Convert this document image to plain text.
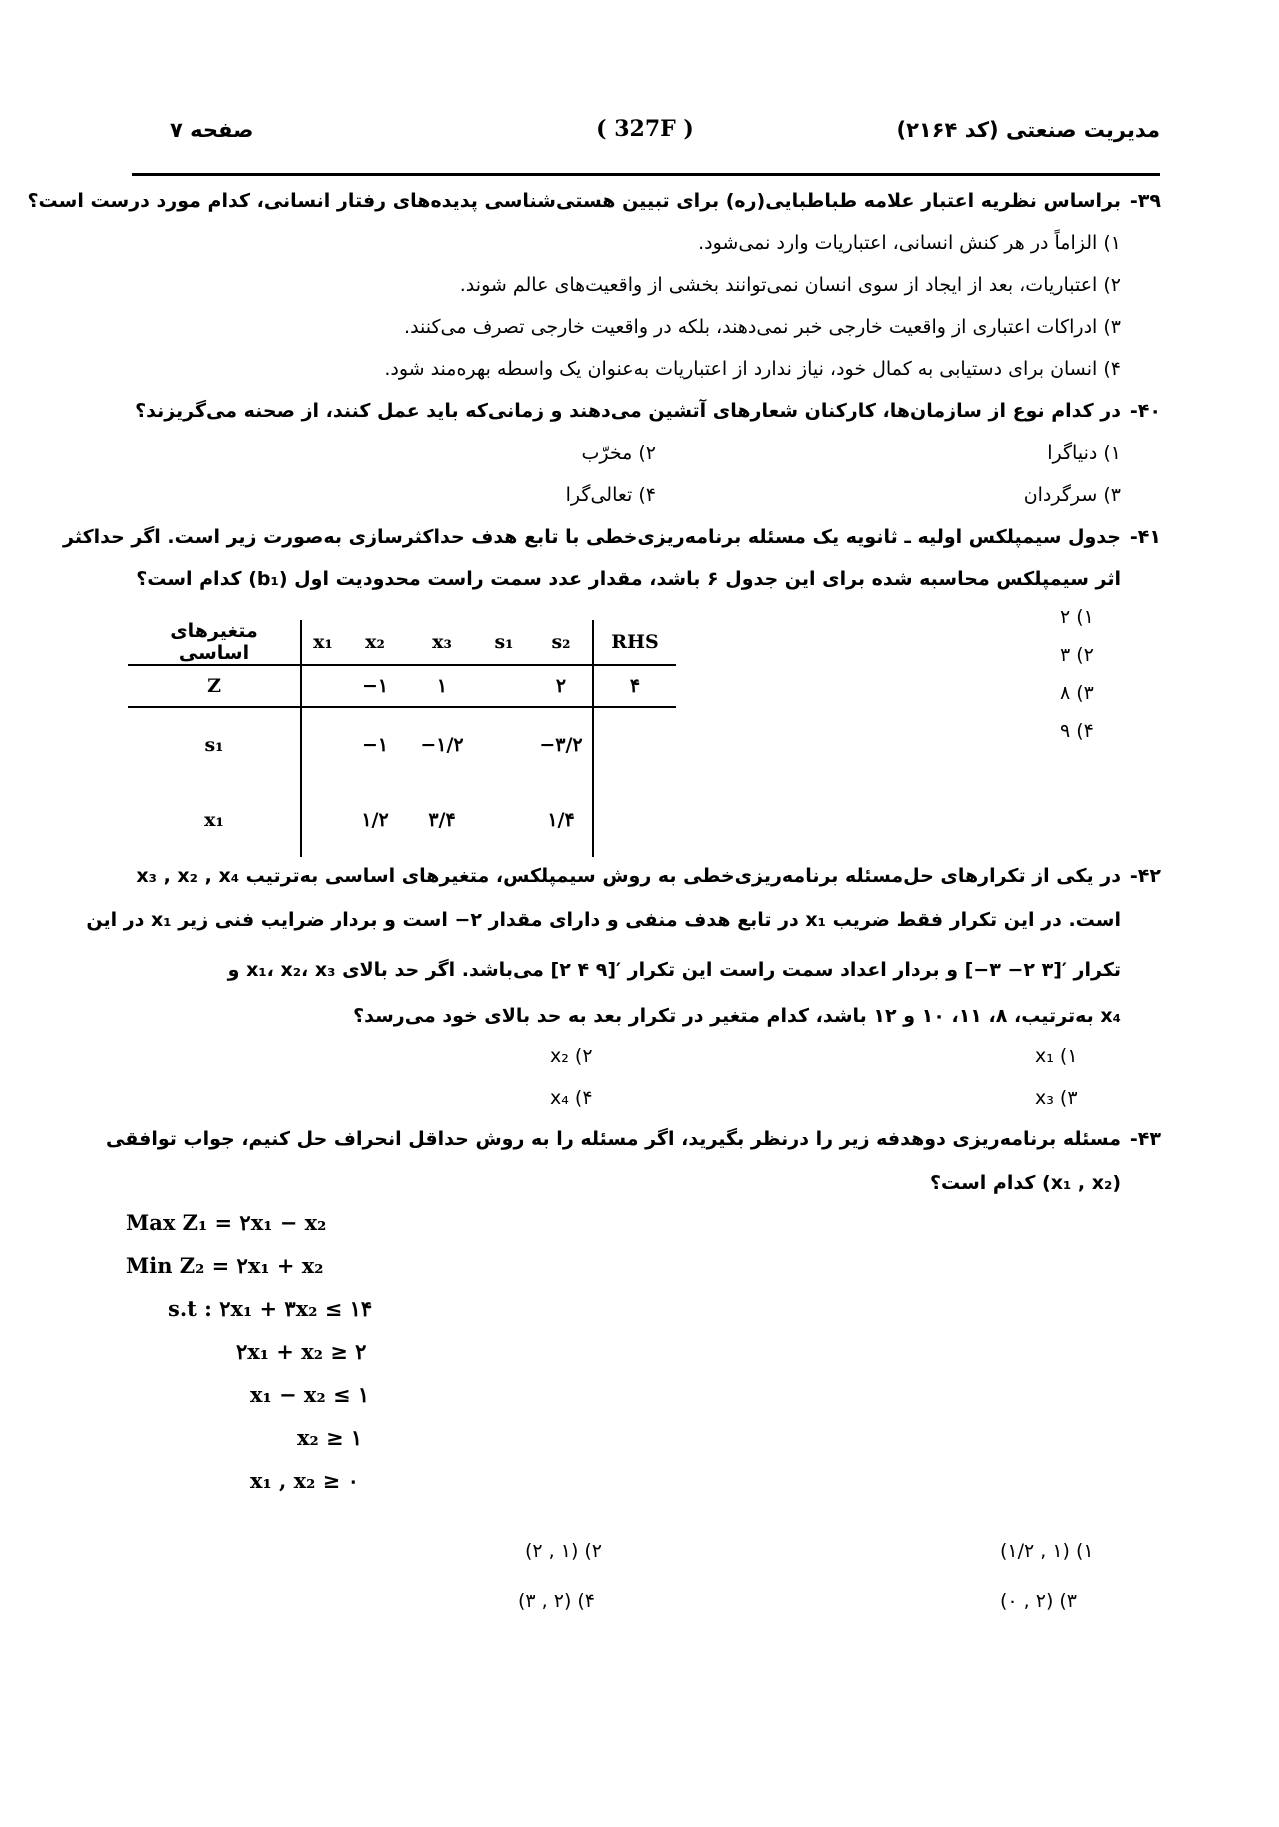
مدیریت صنعتی (کد ۲۱۶۴)
( 327F )
صفحه ۷
۳۹-
براساس نظریه اعتبار علامه طباطبایی(ره) برای تبیین هستی‌شناسی پدیده‌های رفتار انسانی، کدام مورد درست است؟
۱) الزاماً در هر کنش انسانی، اعتباریات وارد نمی‌شود.
۲) اعتباریات، بعد از ایجاد از سوی انسان نمی‌توانند بخشی از واقعیت‌های عالم شوند.
۳) ادراکات اعتباری از واقعیت خارجی خبر نمی‌دهند، بلکه در واقعیت خارجی تصرف می‌کنند.
۴) انسان برای دستیابی به کمال خود، نیاز ندارد از اعتباریات به‌عنوان یک واسطه بهره‌مند شود.
۴۰-
در کدام نوع از سازمان‌ها، کارکنان شعارهای آتشین می‌دهند و زمانی‌که باید عمل کنند، از صحنه می‌گریزند؟
۱) دنیاگرا
۲) مخرّب
۳) سرگردان
۴) تعالی‌گرا
۴۱-
جدول سیمپلکس اولیه ـ ثانویه یک مسئله برنامه‌ریزی‌خطی با تابع هدف حداکثرسازی به‌صورت زیر است. اگر حداکثر
اثر سیمپلکس محاسبه شده برای این جدول ۶ باشد، مقدار عدد سمت راست محدودیت اول (b₁) کدام است؟
۲ (۱
۳ (۲
۸ (۳
۹ (۴
متغیرهای اساسی	x₁	x₂	x₃	s₁	s₂	RHS
Z		−۱	۱		۲	۴
s₁		−۱	−۱/۲		−۳/۲	
x₁		۱/۲	۳/۴		۱/۴	
۴۲-
در یکی از تکرارهای حل‌مسئله برنامه‌ریزی‌خطی به روش سیمپلکس، متغیرهای اساسی به‌ترتیب x₃ , x₂ , x₄
است. در این تکرار فقط ضریب x₁ در تابع هدف منفی و دارای مقدار ۲− است و بردار ضرایب فنی زیر x₁ در این
تکرار ′[۳ ۲− ۳−] و بردار اعداد سمت راست این تکرار ′[۹ ۴ ۲] می‌باشد. اگر حد بالای x₁، x₂، x₃ و
x₄ به‌ترتیب، ۸، ۱۱، ۱۰ و ۱۲ باشد، کدام متغیر در تکرار بعد به حد بالای خود می‌رسد؟
x₁ (۱
x₂ (۲
x₃ (۳
x₄ (۴
۴۳-
مسئله برنامه‌ریزی دوهدفه زیر را درنظر بگیرید، اگر مسئله را به روش حداقل انحراف حل کنیم، جواب توافقی
(x₁ , x₂) کدام است؟
Max Z₁ = ۲x₁ − x₂
Min Z₂ = ۲x₁ + x₂
s.t : ۲x₁ + ۳x₂ ≤ ۱۴
۲x₁ + x₂ ≥ ۲
x₁ − x₂ ≤ ۱
x₂ ≥ ۱
x₁ , x₂ ≥ ۰
(۱/۲ , ۱) (۱
(۲ , ۱) (۲
(۰ , ۲) (۳
(۳ , ۲) (۴
